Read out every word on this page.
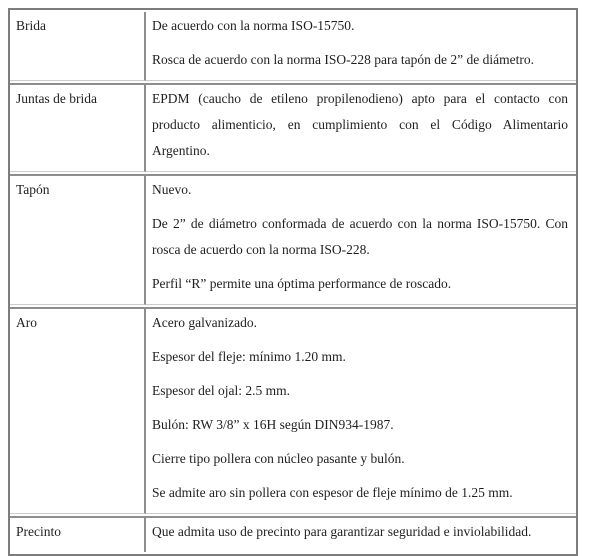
Brida	De acuerdo con la norma ISO-15750.

Rosca de acuerdo con la norma ISO-228 para tapón de 2” de diámetro.

Juntas de brida	EPDM (caucho de etileno propilenodieno) apto para el contacto con producto alimenticio, en cumplimiento con el Código Alimentario Argentino.

Tapón	Nuevo.

De 2” de diámetro conformada de acuerdo con la norma ISO-15750. Con rosca de acuerdo con la norma ISO-228.

Perfil “R” permite una óptima performance de roscado.

Aro	Acero galvanizado.

Espesor del fleje: mínimo 1.20 mm.

Espesor del ojal: 2.5 mm.

Bulón: RW 3/8” x 16H según DIN934-1987.

Cierre tipo pollera con núcleo pasante y bulón.

Se admite aro sin pollera con espesor de fleje mínimo de 1.25 mm.

Precinto	Que admita uso de precinto para garantizar seguridad e inviolabilidad.
